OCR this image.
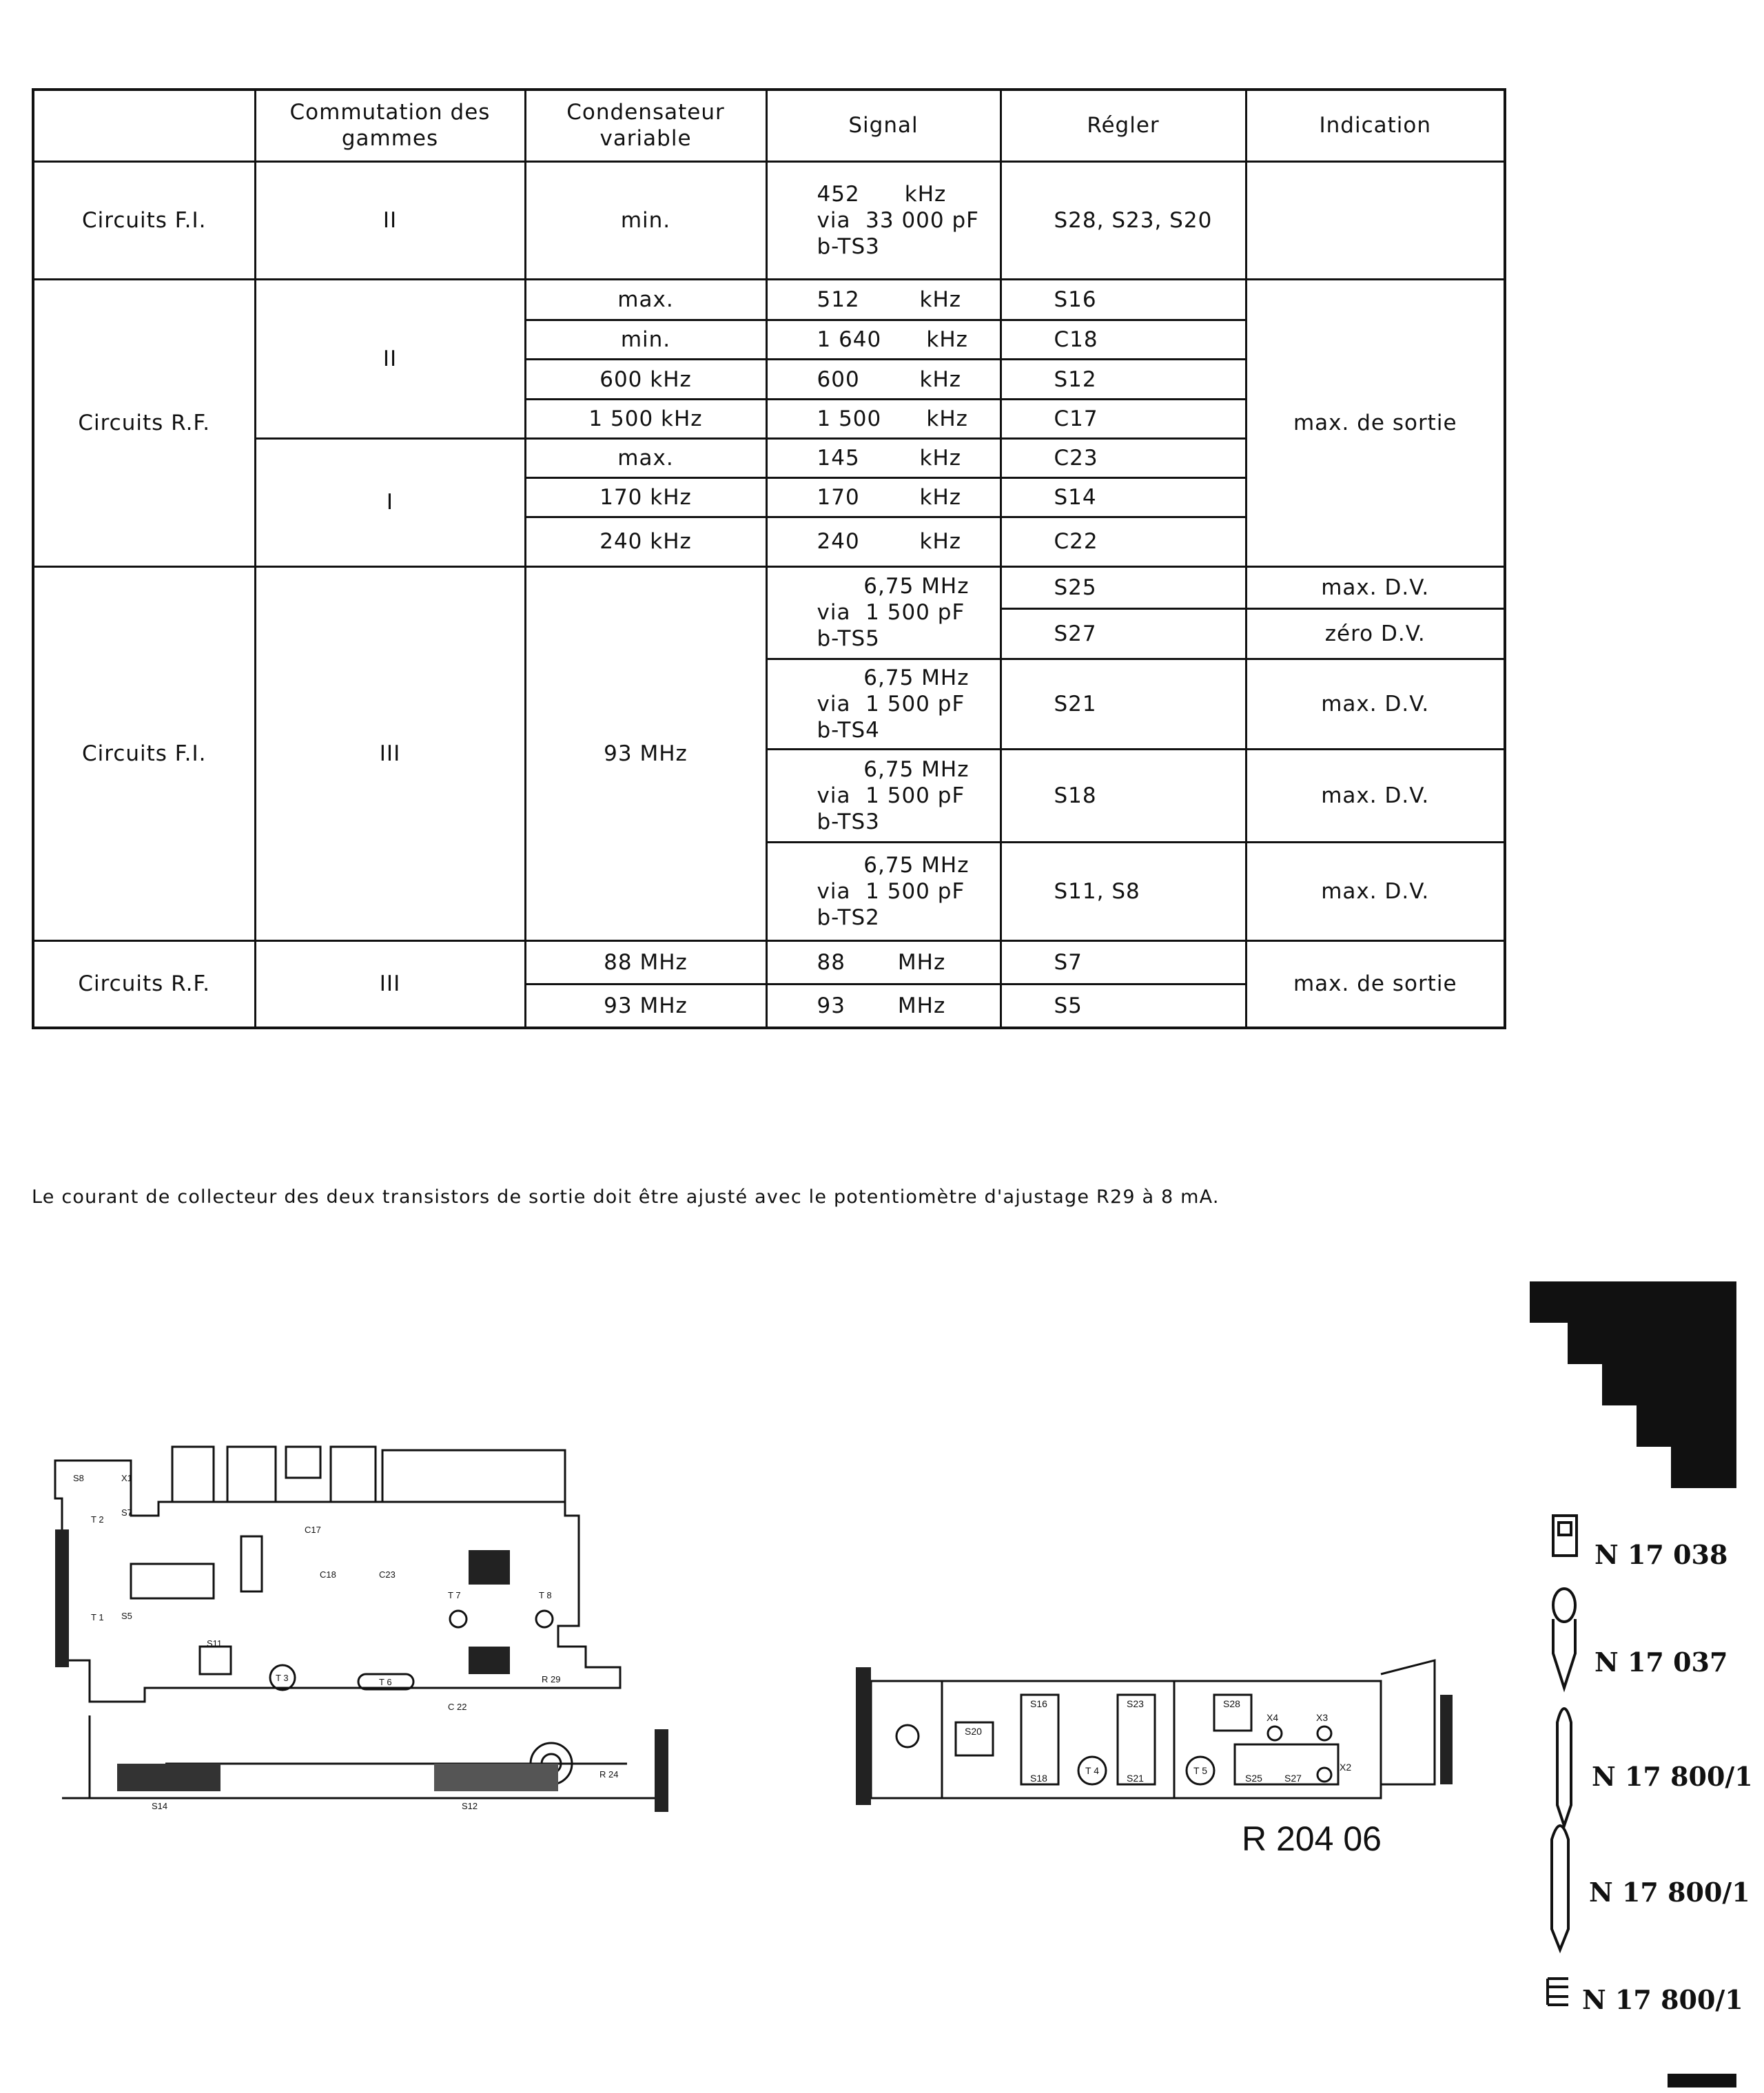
	Commutation des gammes	Condensateur variable	Signal	Régler	Indication
Circuits F.I.	II	min.	452      kHz
via  33 000 pF
b-TS3	S28, S23, S20	
Circuits R.F.	II	max.	512        kHz	S16	max. de sortie
		min.	1 640      kHz	C18	
		600 kHz	600        kHz	S12	
		1 500 kHz	1 500      kHz	C17	
	I	max.	145        kHz	C23	
		170 kHz	170        kHz	S14	
		240 kHz	240        kHz	C22	
Circuits F.I.	III	93 MHz	6,75 MHz
via  1 500 pF
b-TS5	S25	max. D.V.
				S27	zéro D.V.

			6,75 MHz
via  1 500 pF
b-TS4	S21	max. D.V.

			6,75 MHz
via  1 500 pF
b-TS3	S18	max. D.V.

			6,75 MHz
via  1 500 pF
b-TS2	S11, S8	max. D.V.
Circuits R.F.	III	88 MHz	88       MHz	S7	max. de sortie
		93 MHz	93       MHz	S5	
Le courant de collecteur des deux transistors de sortie doit être ajusté avec le potentiomètre d'ajustage R29 à 8 mA.
S8	X1
S7
T 2
S5
T 1
C17
C18	C23
T 7	T 8
S11
T 3	T 6	R 29
C 22
R 24
S14	S12
S20
S16
S18
T 4
S23
S21
T 5
S28
X4	X3
S25 S27
X2
R 204 06
N 17 038
N 17 037
N 17 800/1
N 17 800/1
N 17 800/1
